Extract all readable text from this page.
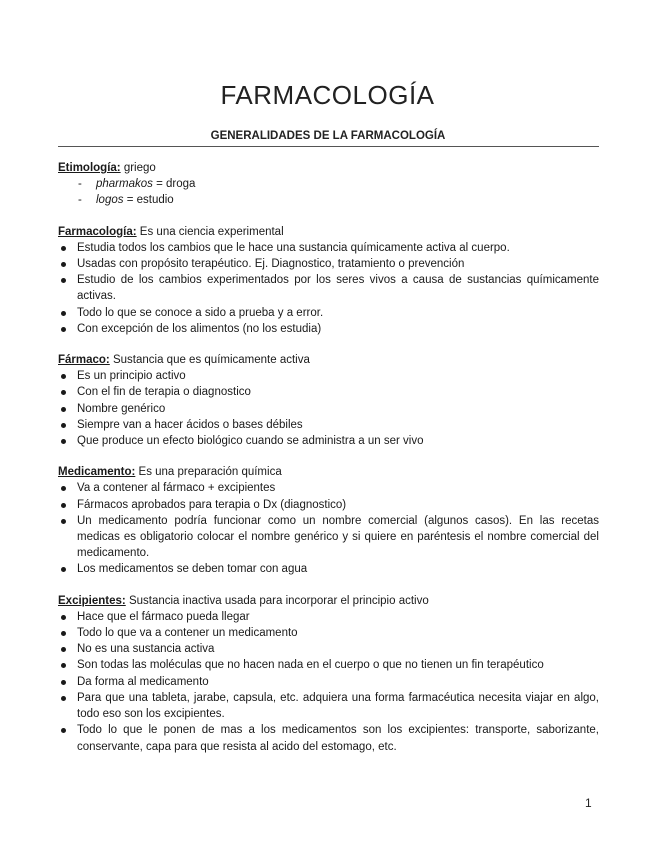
FARMACOLOGÍA
GENERALIDADES DE LA FARMACOLOGÍA

Etimología: griego

- pharmakos = droga
- logos = estudio

Farmacología: Es una ciencia experimental

Estudia todos los cambios que le hace una sustancia químicamente activa al cuerpo.
Usadas con propósito terapéutico. Ej. Diagnostico, tratamiento o prevención
Estudio de los cambios experimentados por los seres vivos a causa de sustancias químicamente activas.
Todo lo que se conoce a sido a prueba y a error.
Con excepción de los alimentos (no los estudia)

Fármaco: Sustancia que es químicamente activa

Es un principio activo
Con el fin de terapia o diagnostico
Nombre genérico
Siempre van a hacer ácidos o bases débiles
Que produce un efecto biológico cuando se administra a un ser vivo

Medicamento: Es una preparación química

Va a contener al fármaco + excipientes
Fármacos aprobados para terapia o Dx (diagnostico)
Un medicamento podría funcionar como un nombre comercial (algunos casos). En las recetas medicas es obligatorio colocar el nombre genérico y si quiere en paréntesis el nombre comercial del medicamento.
Los medicamentos se deben tomar con agua

Excipientes: Sustancia inactiva usada para incorporar el principio activo

Hace que el fármaco pueda llegar
Todo lo que va a contener un medicamento
No es una sustancia activa
Son todas las moléculas que no hacen nada en el cuerpo o que no tienen un fin terapéutico
Da forma al medicamento
Para que una tableta, jarabe, capsula, etc. adquiera una forma farmacéutica necesita viajar en algo, todo eso son los excipientes.
Todo lo que le ponen de mas a los medicamentos son los excipientes: transporte, saborizante, conservante, capa para que resista al acido del estomago, etc.
1
